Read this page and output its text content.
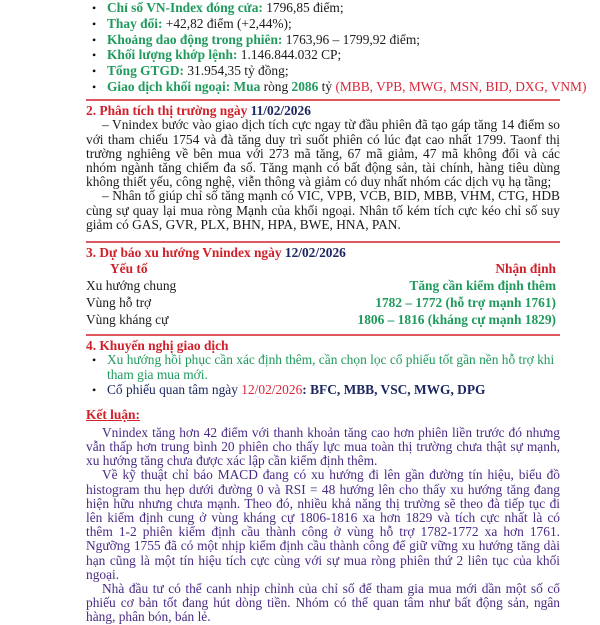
• Chỉ số VN-Index đóng cửa: 1796,85 điểm;
• Thay đổi: +42,82 điểm (+2,44%);
• Khoảng dao động trong phiên: 1763,96 – 1799,92 điểm;
• Khối lượng khớp lệnh: 1.146.844.032 CP;
• Tổng GTGD: 31.954,35 tỷ đồng;
• Giao dịch khối ngoại: Mua ròng 2086 tỷ (MBB, VPB, MWG, MSN, BID, DXG, VNM)
2. Phân tích thị trường ngày 11/02/2026

– Vnindex bước vào giao dịch tích cực ngay từ đầu phiên đã tạo gáp tăng 14 điểm so với tham chiếu 1754 và đà tăng duy trì suốt phiên có lúc đạt cao nhất 1799. Taonf thị trường nghiêng về bên mua với 273 mã tăng, 67 mã giảm, 47 mã không đổi và các nhóm ngành tăng chiếm đa số. Tăng mạnh có bất động sản, tài chính, hàng tiêu dùng không thiết yếu, công nghệ, viễn thông và giảm có duy nhất nhóm các dịch vụ hạ tầng;

– Nhân tố giúp chỉ số tăng mạnh có VIC, VPB, VCB, BID, MBB, VHM, CTG, HDB cùng sự quay lại mua ròng Mạnh của khối ngoại. Nhân tố kém tích cực kéo chỉ số suy giảm có GAS, GVR, PLX, BHN, HPA, BWE, HNA, PAN.

3. Dự báo xu hướng Vnindex ngày 12/02/2026
Yếu tố	Nhận định
Xu hướng chung	Tăng cần kiểm định thêm
Vùng hỗ trợ	1782 – 1772 (hỗ trợ mạnh 1761)
Vùng kháng cự	1806 – 1816 (kháng cự mạnh 1829)
4. Khuyến nghị giao dịch
• Xu hướng hồi phục cần xác định thêm, cần chọn lọc cổ phiếu tốt gần nền hỗ trợ khi tham gia mua mới.
• Cổ phiếu quan tâm ngày 12/02/2026: BFC, MBB, VSC, MWG, DPG
Kết luận:

Vnindex tăng hơn 42 điểm với thanh khoản tăng cao hơn phiên liền trước đó nhưng vẫn thấp hơn trung bình 20 phiên cho thấy lực mua toàn thị trường chưa thật sự mạnh, xu hướng tăng chưa được xác lập cần kiểm định thêm.

Về kỹ thuật chỉ báo MACD đang có xu hướng đi lên gần đường tín hiệu, biểu đồ histogram thu hẹp dưới đường 0 và RSI = 48 hướng lên cho thấy xu hướng tăng đang hiện hữu nhưng chưa mạnh. Theo đó, nhiều khả năng thị trường sẽ theo đà tiếp tục đi lên kiểm định cung ở vùng kháng cự 1806-1816 xa hơn 1829 và tích cực nhất là có thêm 1-2 phiên kiểm định cầu thành công ở vùng hỗ trợ 1782-1772 xa hơn 1761. Ngưỡng 1755 đã có một nhịp kiểm định cầu thành công để giữ vững xu hướng tăng dài hạn cũng là một tín hiệu tích cực cùng với sự mua ròng phiên thứ 2 liên tục của khối ngoại.

Nhà đầu tư có thể canh nhịp chỉnh của chỉ số để tham gia mua mới dần một số cổ phiếu cơ bản tốt đang hút dòng tiền. Nhóm có thể quan tâm như bất động sản, ngân hàng, phân bón, bán lẻ.
